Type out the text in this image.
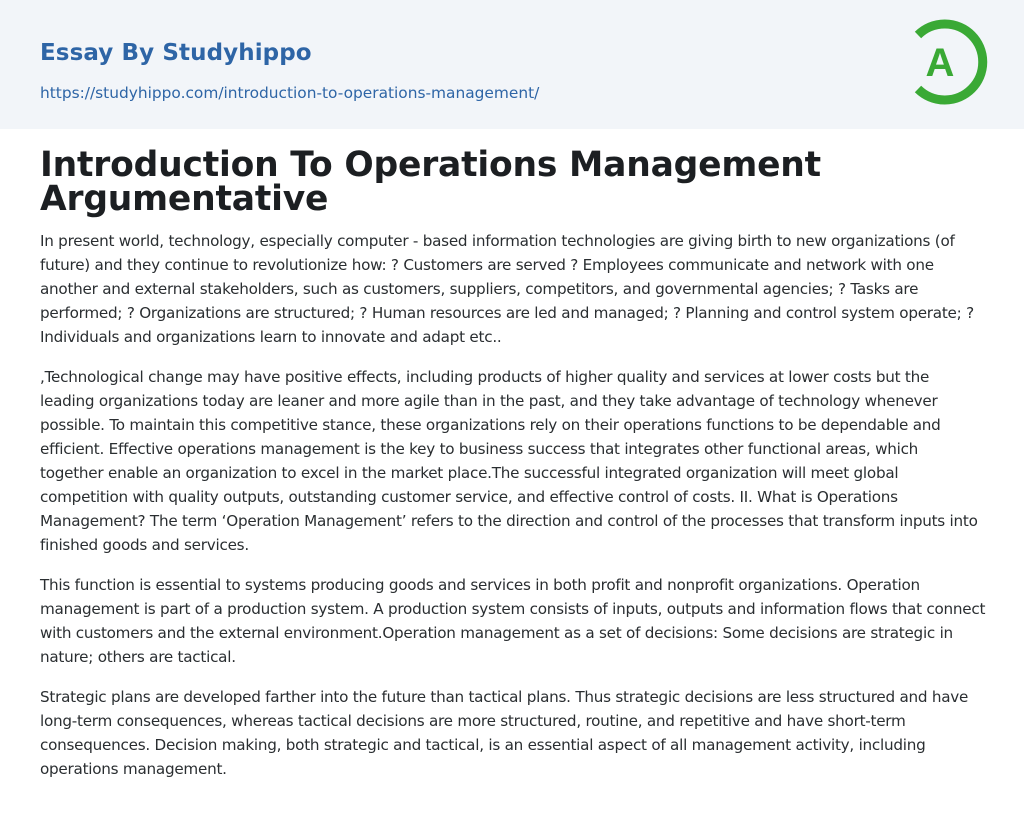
Essay By Studyhippo
https://studyhippo.com/introduction-to-operations-management/
A
Introduction To Operations Management Argumentative

In present world, technology, especially computer - based information technologies are giving birth to new organizations (of future) and they continue to revolutionize how: ? Customers are served ? Employees communicate and network with one another and external stakeholders, such as customers, suppliers, competitors, and governmental agencies; ? Tasks are performed; ? Organizations are structured; ? Human resources are led and managed; ? Planning and control system operate; ? Individuals and organizations learn to innovate and adapt etc..

,Technological change may have positive effects, including products of higher quality and services at lower costs but the leading organizations today are leaner and more agile than in the past, and they take advantage of technology whenever possible. To maintain this competitive stance, these organizations rely on their operations functions to be dependable and efficient. Effective operations management is the key to business success that integrates other functional areas, which together enable an organization to excel in the market place.The successful integrated organization will meet global competition with quality outputs, outstanding customer service, and effective control of costs. II. What is Operations Management? The term ‘Operation Management’ refers to the direction and control of the processes that transform inputs into finished goods and services.

This function is essential to systems producing goods and services in both profit and nonprofit organizations. Operation management is part of a production system. A production system consists of inputs, outputs and information flows that connect with customers and the external environment.Operation management as a set of decisions: Some decisions are strategic in nature; others are tactical.

Strategic plans are developed farther into the future than tactical plans. Thus strategic decisions are less structured and have long-term consequences, whereas tactical decisions are more structured, routine, and repetitive and have short-term consequences. Decision making, both strategic and tactical, is an essential aspect of all management activity, including operations management.
